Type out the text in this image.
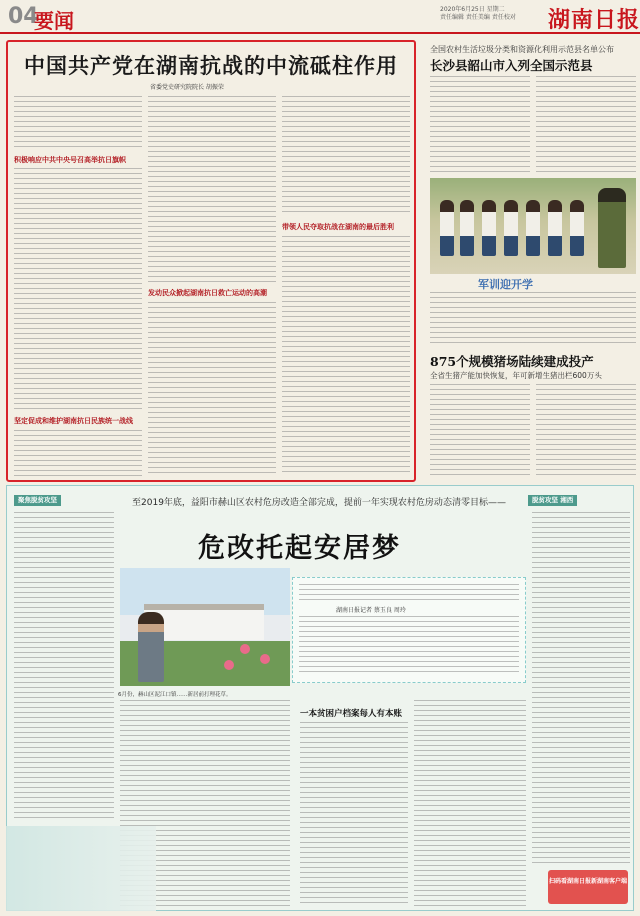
04
要闻	2020年6月25日 星期二
责任编辑 责任美编 责任校对 湖南日报
中国共产党在湖南抗战的中流砥柱作用
省委党史研究院院长 胡振荣
积极响应中共中央号召高举抗日旗帜
坚定促成和维护湖南抗日民族统一战线
发动民众掀起湖南抗日救亡运动的高潮
带领人民夺取抗战在湖南的最后胜利
全国农村生活垃圾分类和资源化利用示范县名单公布
长沙县韶山市入列全国示范县
军训迎开学
875个规模猪场陆续建成投产
全省生猪产能加快恢复，年可新增生猪出栏600万头
聚焦脱贫攻坚	脱贫攻坚 湘西
至2019年底，益阳市赫山区农村危房改造全部完成，提前一年实现农村危房动态清零目标——
危改托起安居梦
6月份，赫山区泥江口镇……新居前打理花草。
湖南日报记者 蔡玉良 周玲
一本贫困户档案每人有本账
扫码看湖南日报新湖南客户端
